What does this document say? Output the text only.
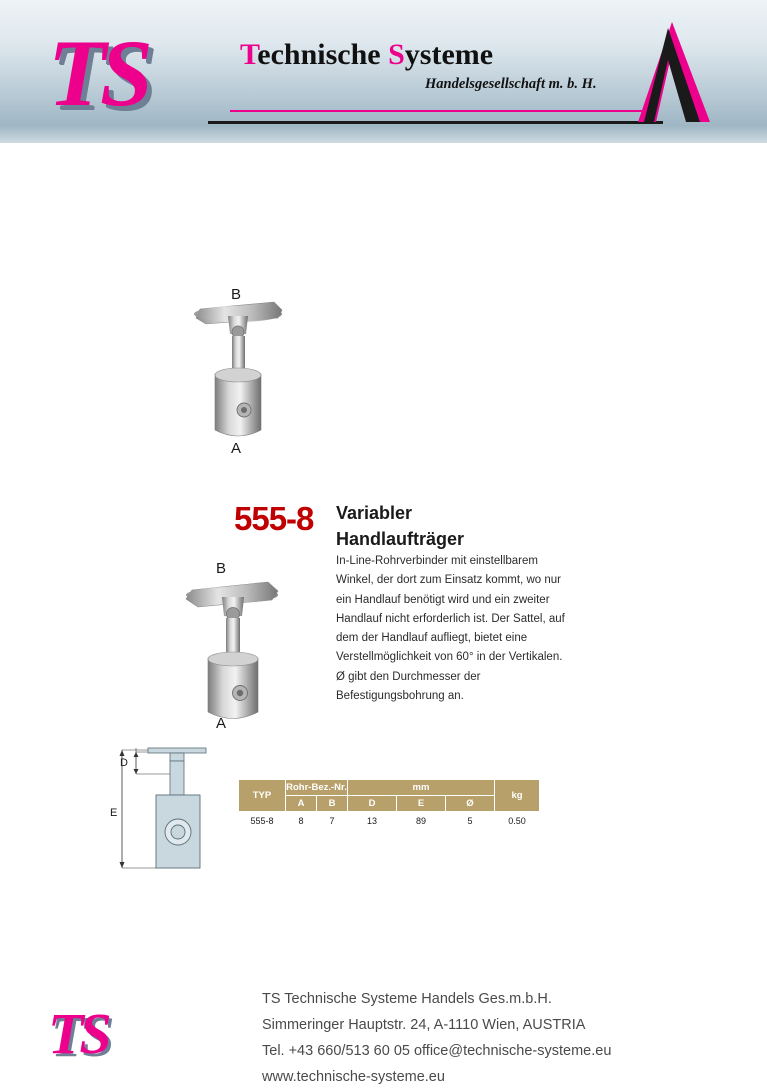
TS	Technische Systeme
Handelsgesellschaft m. b. H.
B
A
555-8 Variabler
Handlaufträger
In-Line-Rohrverbinder mit einstellbarem Winkel, der dort zum Einsatz kommt, wo nur ein Handlauf benötigt wird und ein zweiter Handlauf nicht erforderlich ist. Der Sattel, auf dem der Handlauf aufliegt, bietet eine Verstellmöglichkeit von 60° in der Vertikalen. Ø gibt den Durchmesser der Befestigungsbohrung an.
B
A
D
E
TYP	Rohr-Bez.-Nr.		mm			kg
	A	B	D	E	Ø	
555-8	8	7	13	89	5	0.50
TS
TS Technische Systeme Handels Ges.m.b.H.
Simmeringer Hauptstr. 24, A-1110 Wien, AUSTRIA
Tel. +43 660/513 60 05 office@technische-systeme.eu
www.technische-systeme.eu
